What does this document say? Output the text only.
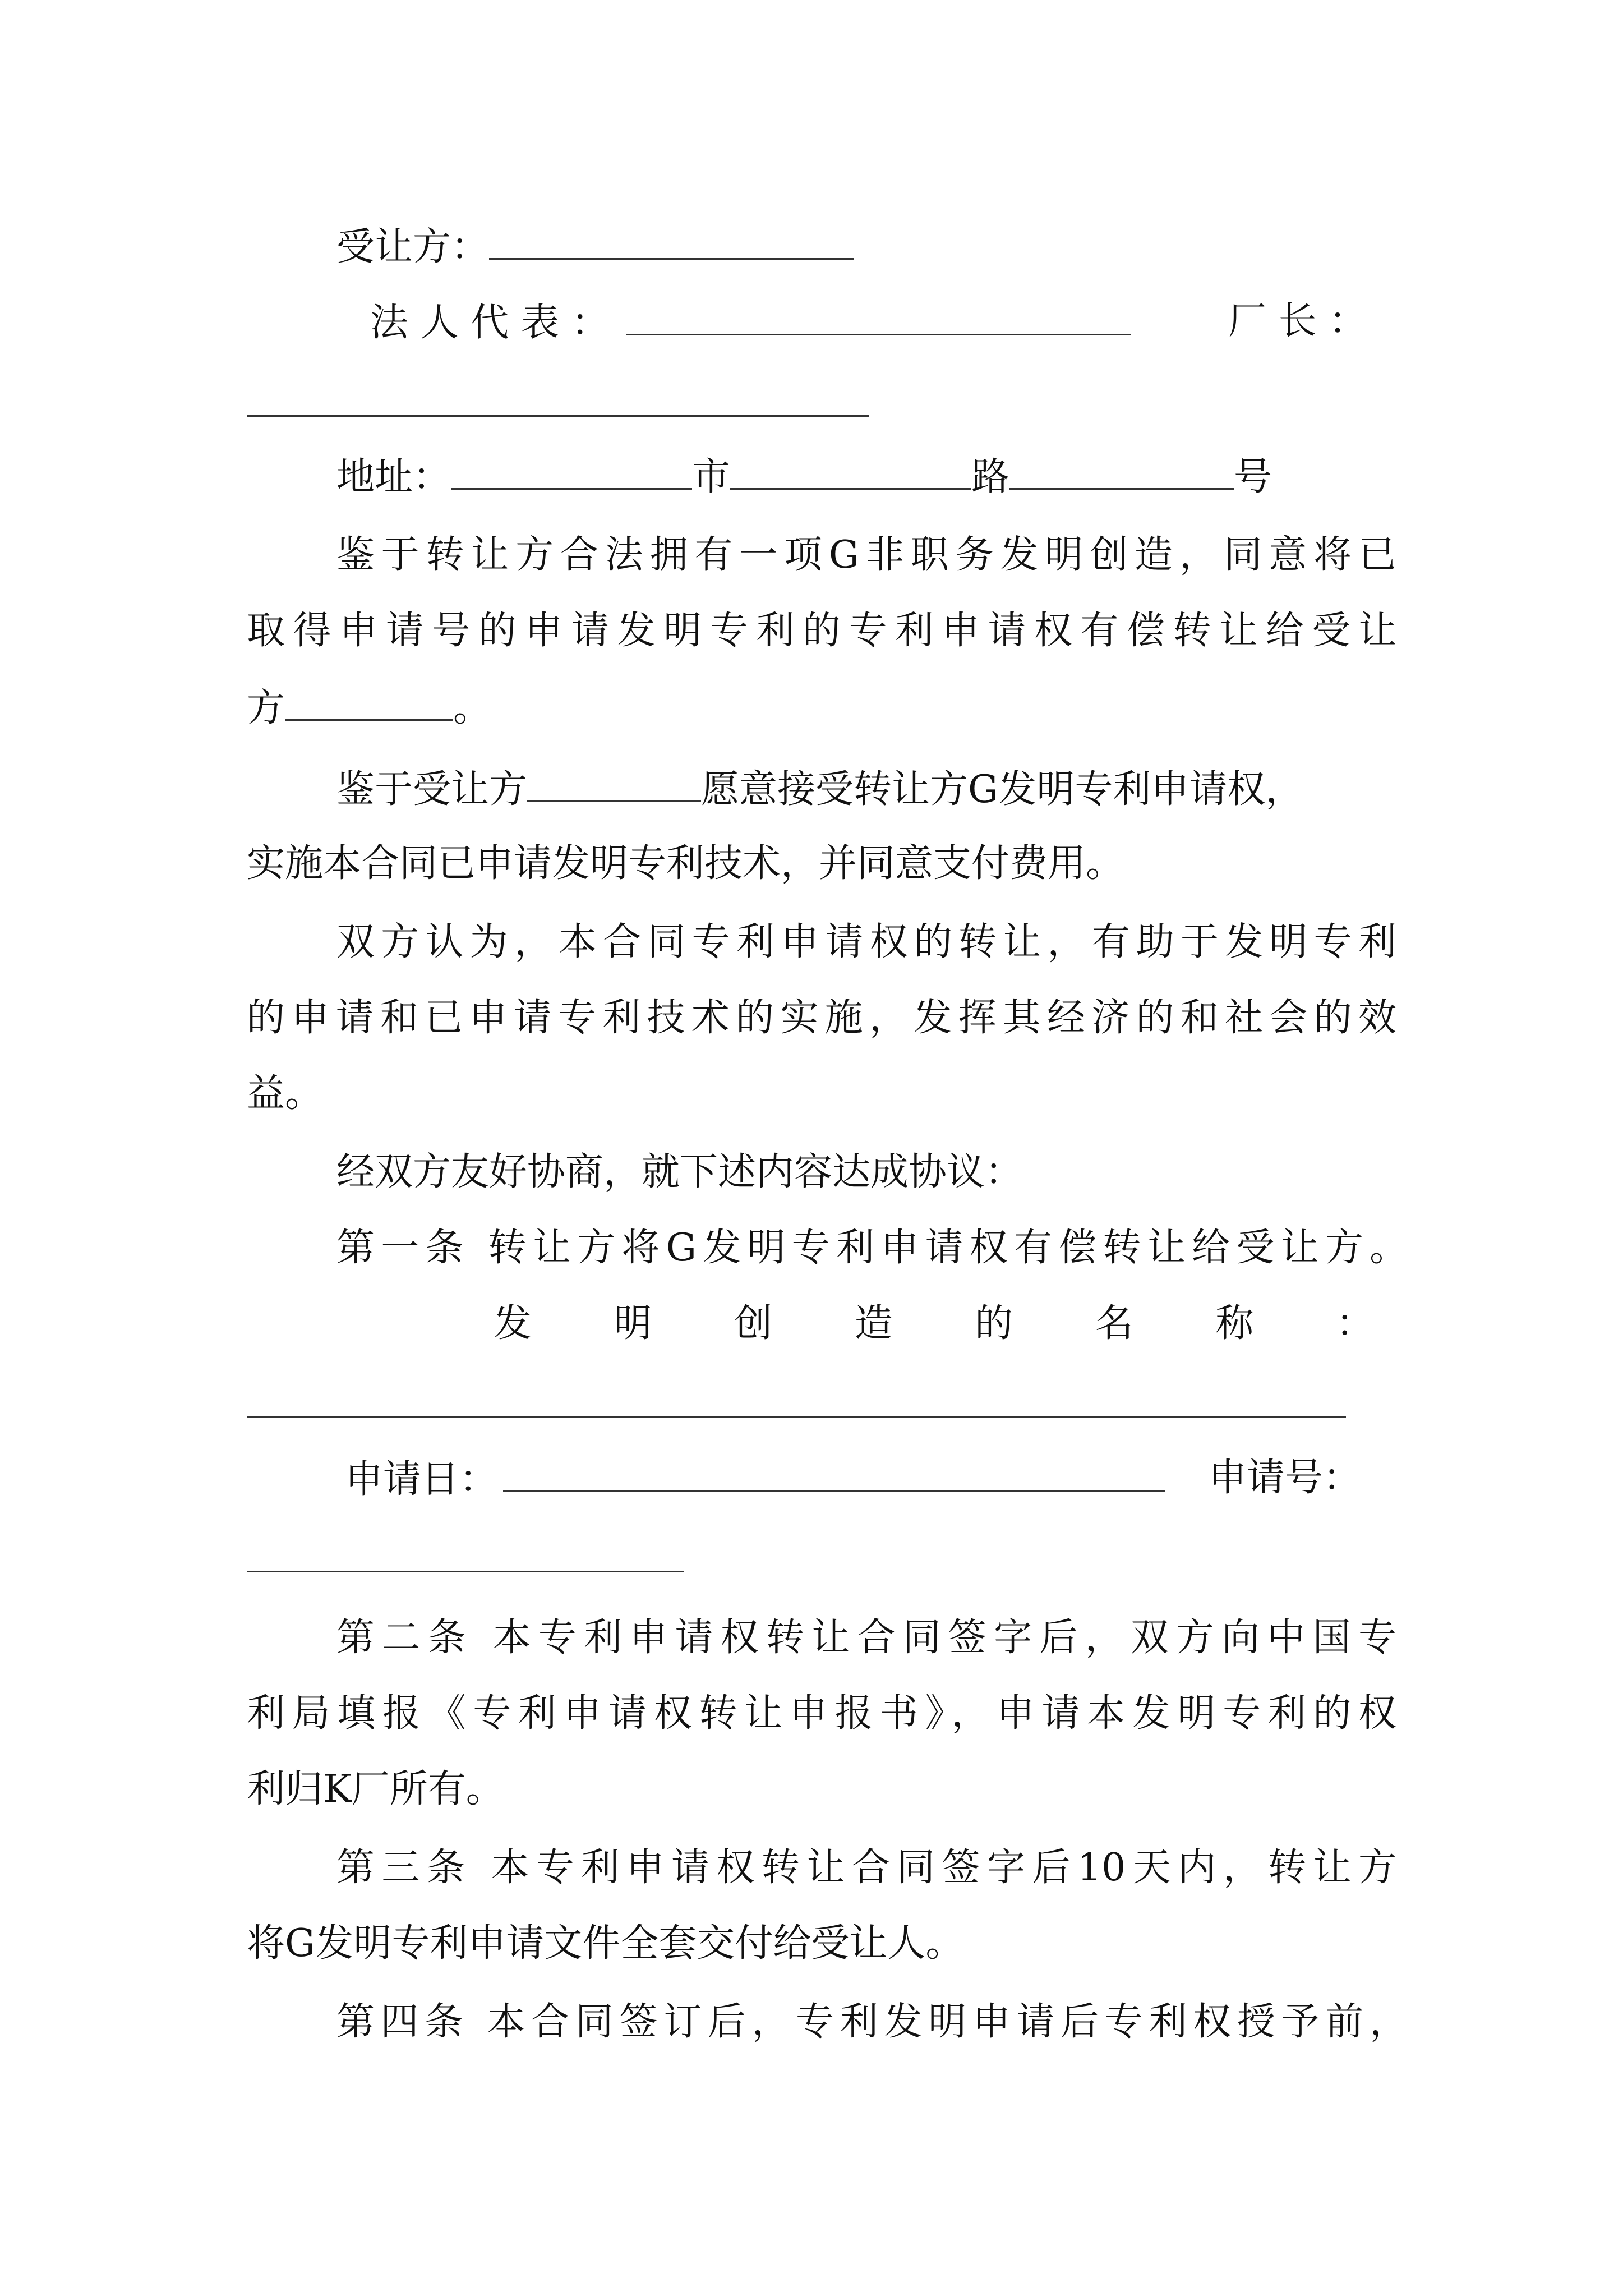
受让方：
法 人 代 表 ：	厂 长 ：
地址：	市	路	号
鉴于转让方合法拥有一项G非职务发明创造，同意将已
取得申请号的申请发明专利的专利申请权有偿转让给受让
方	。
鉴于受让方	愿意接受转让方G发明专利申请权，
实施本合同已申请发明专利技术，并同意支付费用。
双方认为，本合同专利申请权的转让，有助于发明专利
的申请和已申请专利技术的实施，发挥其经济的和社会的效
益。
经双方友好协商，就下述内容达成协议：
第一条 转让方将G发明专利申请权有偿转让给受让方。
发 明 创 造 的 名 称 ：
申请日：	申请号：
第二条 本专利申请权转让合同签字后，双方向中国专
利局填报《专利申请权转让申报书》，申请本发明专利的权
利归K厂所有。
第三条 本专利申请权转让合同签字后10天内，转让方
将G发明专利申请文件全套交付给受让人。
第四条 本合同签订后，专利发明申请后专利权授予前，
